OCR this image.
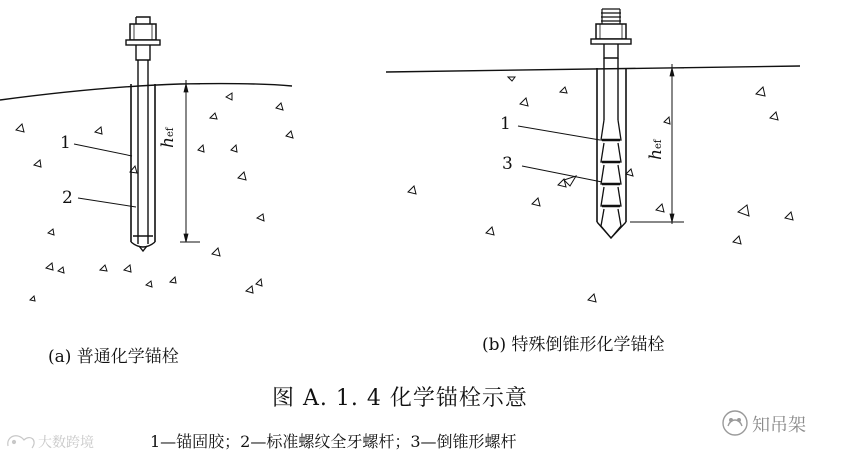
1
2
hef
(a) 普通化学锚栓
1
3	hef
(b) 特殊倒锥形化学锚栓
图 A. 1. 4 化学锚栓示意
1—锚固胶；2—标准螺纹全牙螺杆；3—倒锥形螺杆
大数跨境
知吊架
